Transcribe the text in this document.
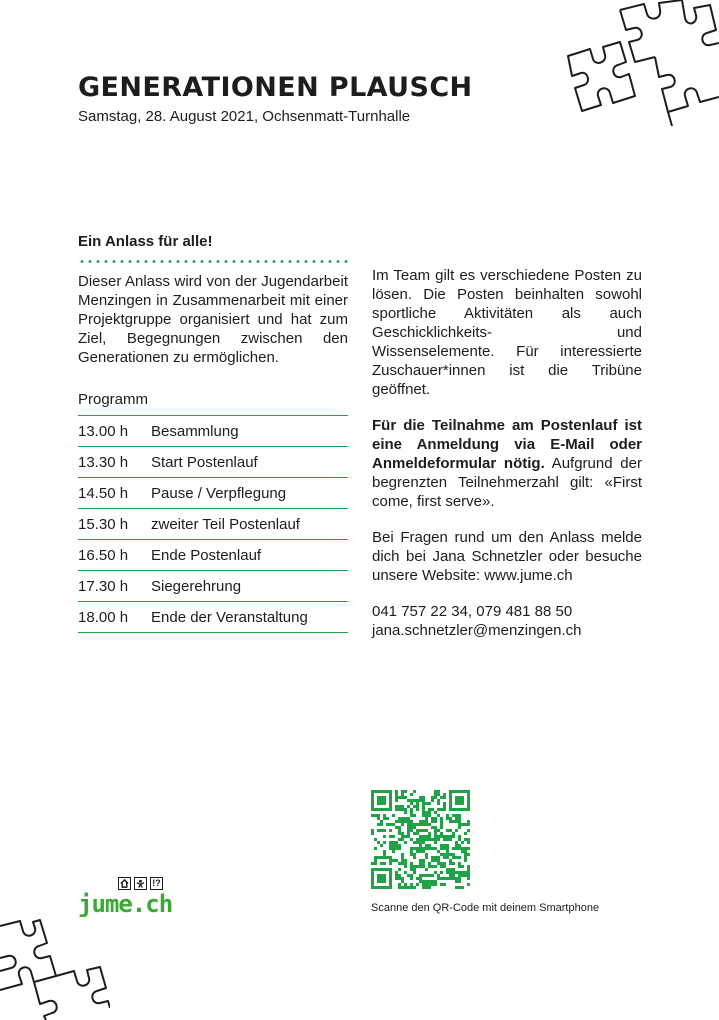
GENERATIONEN PLAUSCH
Samstag, 28. August 2021, Ochsenmatt-Turnhalle

Ein Anlass für alle!

Dieser Anlass wird von der Jugendarbeit Menzingen in Zusammenarbeit mit einer Projektgruppe organisiert und hat zum Ziel, Begegnungen zwischen den Generationen zu ermöglichen.

Programm
13.00 h	Besammlung
13.30 h	Start Postenlauf
14.50 h	Pause / Verpflegung
15.30 h	zweiter Teil Postenlauf
16.50 h	Ende Postenlauf
17.30 h	Siegerehrung
18.00 h	Ende der Veranstaltung

Im Team gilt es verschiedene Posten zu lösen. Die Posten beinhalten sowohl sportliche Aktivitäten als auch Geschicklichkeits- und Wissenselemente. Für interessierte Zuschauer*innen ist die Tribüne geöffnet.

Für die Teilnahme am Postenlauf ist eine Anmeldung via E-Mail oder Anmeldeformular nötig. Aufgrund der begrenzten Teilnehmerzahl gilt: «First come, first serve».

Bei Fragen rund um den Anlass melde dich bei Jana Schnetzler oder besuche unsere Website: www.jume.ch

041 757 22 34, 079 481 88 50
jana.schnetzler@menzingen.ch
Scanne den QR-Code mit deinem Smartphone
!?
jume.ch
